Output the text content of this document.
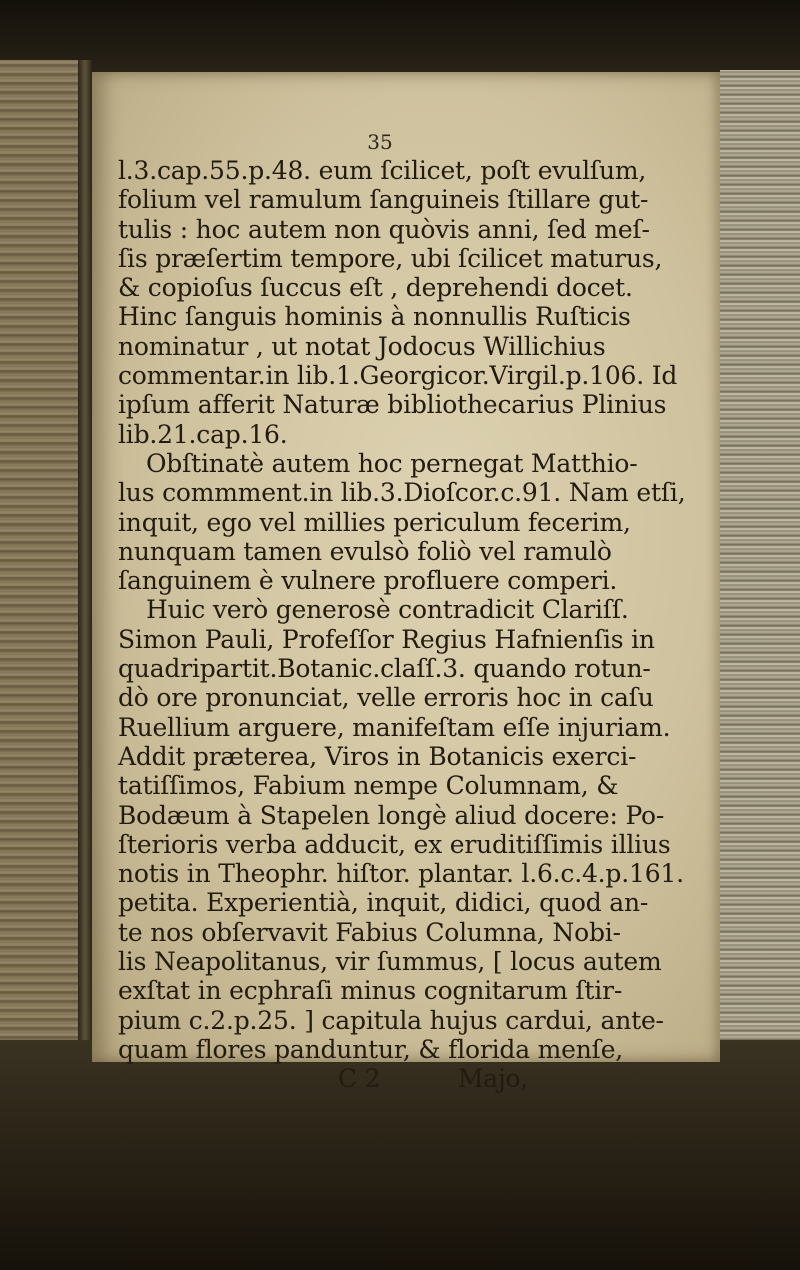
35
l.3.cap.55.p.48. eum ſcilicet, poſt evulſum,
folium vel ramulum ſanguineis ſtillare gut-
tulis : hoc autem non quòvis anni, ſed meſ-
ſis præſertim tempore, ubi ſcilicet maturus,
& copioſus ſuccus eſt , deprehendi docet.
Hinc ſanguis hominis à nonnullis Ruſticis
nominatur , ut notat Jodocus Willichius
commentar.in lib.1.Georgicor.Virgil.p.106. Id
ipſum afferit Naturæ bibliothecarius Plinius
lib.21.cap.16.
Obſtinatè autem hoc pernegat Matthio-
lus commment.in lib.3.Dioſcor.c.91. Nam etſi,
inquit, ego vel millies periculum fecerim,
nunquam tamen evulsò foliò vel ramulò
ſanguinem è vulnere profluere comperi.
Huic verò generosè contradicit Clariſſ.
Simon Pauli, Profeſſor Regius Hafnienſis in
quadripartit.Botanic.claſſ.3. quando rotun-
dò ore pronunciat, velle erroris hoc in caſu
Ruellium arguere, manifeſtam eſſe injuriam.
Addit præterea, Viros in Botanicis exerci-
tatiſſimos, Fabium nempe Columnam, &
Bodæum à Stapelen longè aliud docere: Po-
ſterioris verba adducit, ex eruditiſſimis illius
notis in Theophr. hiſtor. plantar. l.6.c.4.p.161.
petita. Experientià, inquit, didici, quod an-
te nos obſervavit Fabius Columna, Nobi-
lis Neapolitanus, vir ſummus, [ locus autem
exſtat in ecphraſi minus cognitarum ſtir-
pium c.2.p.25. ] capitula hujus cardui, ante-
quam flores panduntur, & florida menſe,
C 2          Majo,
